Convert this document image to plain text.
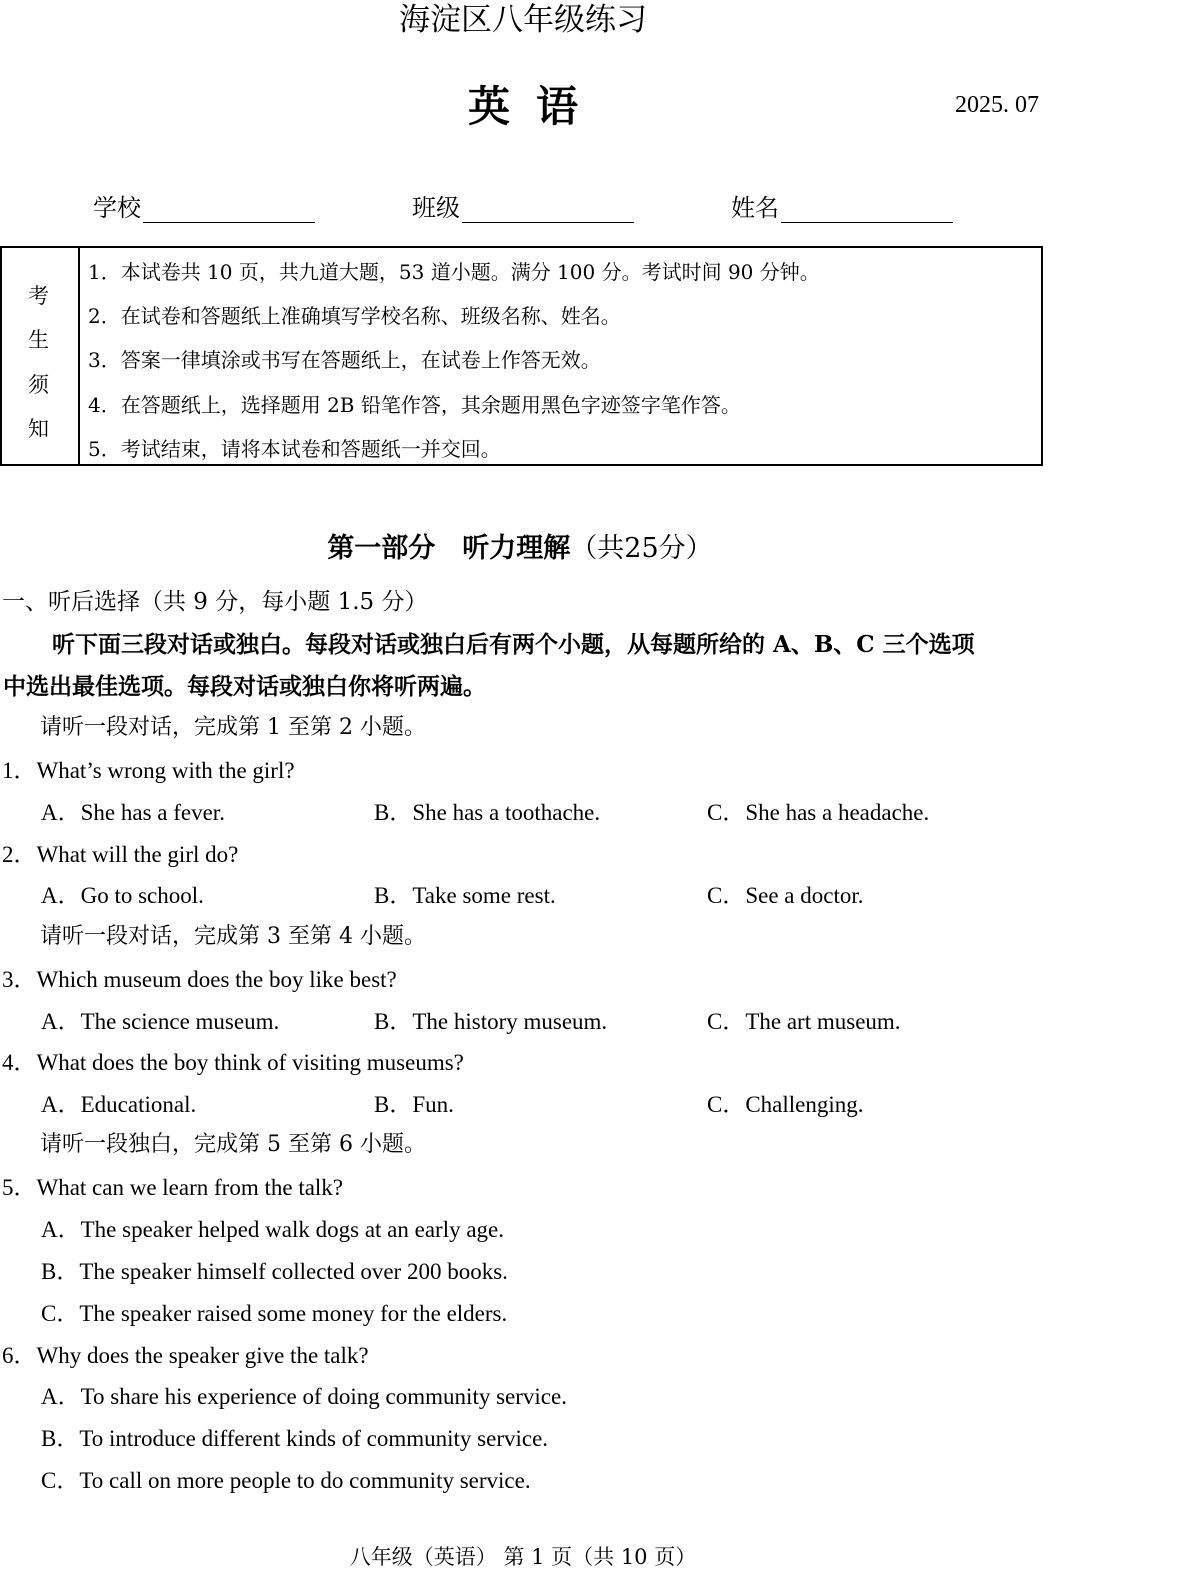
海淀区八年级练习
英语	2025. 07
学校	班级	姓名
考
生
须
知
1．本试卷共 10 页，共九道大题，53 道小题。满分 100 分。考试时间 90 分钟。
2．在试卷和答题纸上准确填写学校名称、班级名称、姓名。
3．答案一律填涂或书写在答题纸上，在试卷上作答无效。
4．在答题纸上，选择题用 2B 铅笔作答，其余题用黑色字迹签字笔作答。
5．考试结束，请将本试卷和答题纸一并交回。
第一部分　听力理解（共25分）
一、听后选择（共 9 分，每小题 1.5 分）
听下面三段对话或独白。每段对话或独白后有两个小题，从每题所给的 A、B、C 三个选项
中选出最佳选项。每段对话或独白你将听两遍。
请听一段对话，完成第 1 至第 2 小题。
1．What’s wrong with the girl?
A．She has a fever.	B．She has a toothache.	C．She has a headache.
2．What will the girl do?
A．Go to school.	B．Take some rest.	C．See a doctor.
请听一段对话，完成第 3 至第 4 小题。
3．Which museum does the boy like best?
A．The science museum.	B．The history museum.	C．The art museum.
4．What does the boy think of visiting museums?
A．Educational.	B．Fun.	C．Challenging.
请听一段独白，完成第 5 至第 6 小题。
5．What can we learn from the talk?
A．The speaker helped walk dogs at an early age.
B．The speaker himself collected over 200 books.
C．The speaker raised some money for the elders.
6．Why does the speaker give the talk?
A．To share his experience of doing community service.
B．To introduce different kinds of community service.
C．To call on more people to do community service.
八年级（英语） 第 1 页（共 10 页）
